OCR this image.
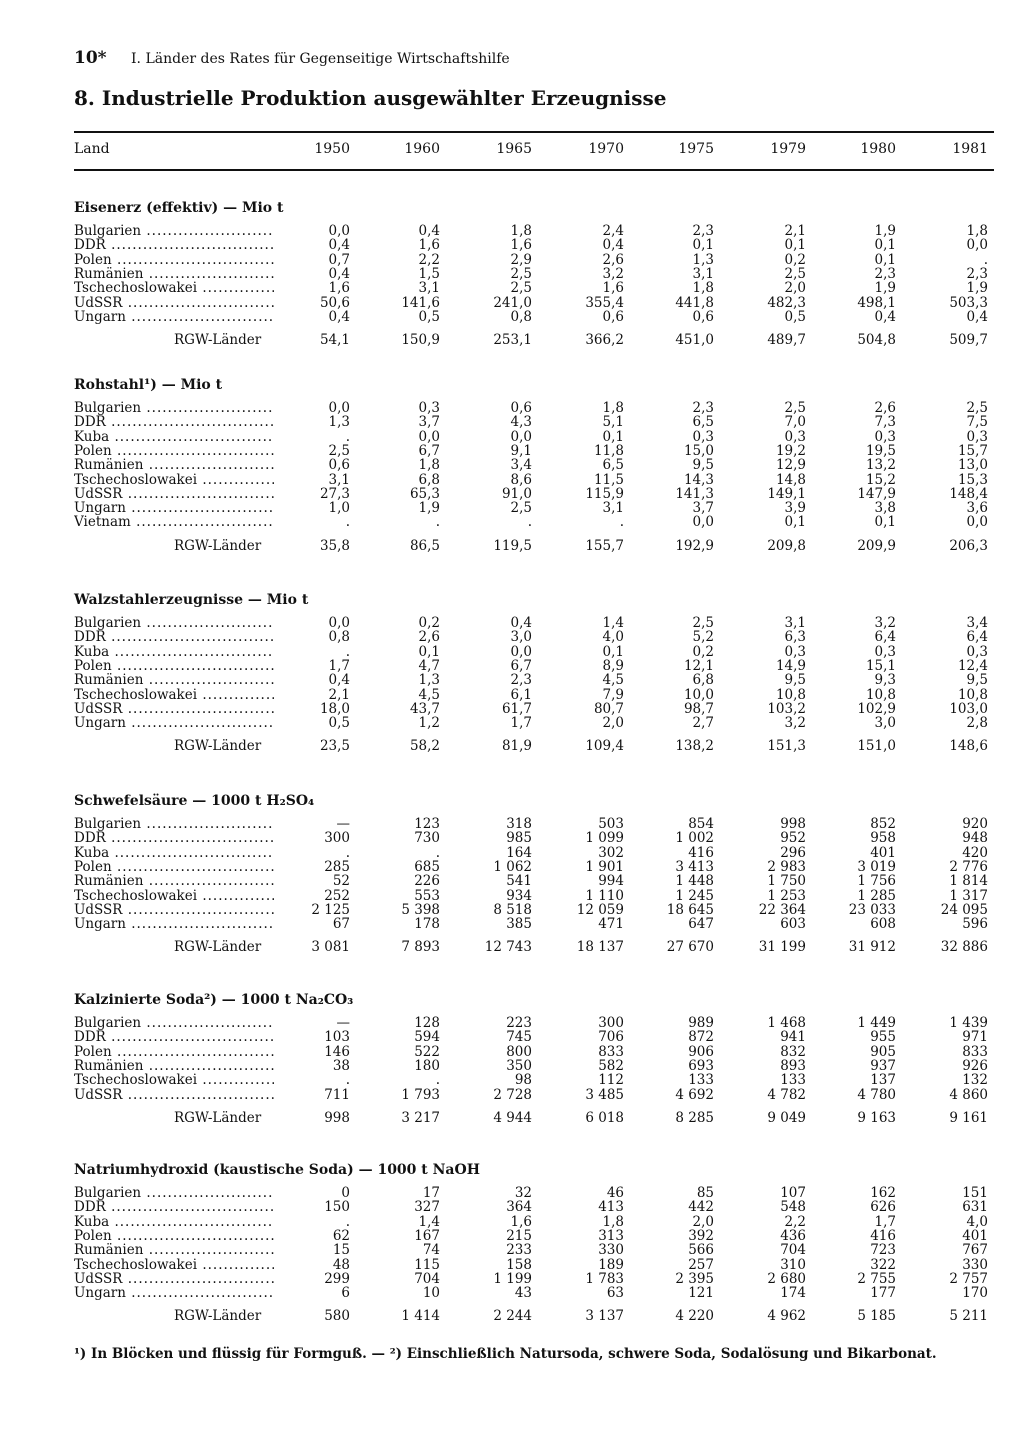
10* I. Länder des Rates für Gegenseitige Wirtschaftshilfe
8. Industrielle Produktion ausgewählter Erzeugnisse
Land	1950	1960	1965	1970	1975	1979	1980	1981
Eisenerz (effektiv) — Mio t
Bulgarien .....	0,0	0,4	1,8	2,4	2,3	2,1	1,9	1,8
DDR .....	0,4	1,6	1,6	0,4	0,1	0,1	0,1	0,0
Polen .....	0,7	2,2	2,9	2,6	1,3	0,2	0,1	.
Rumänien .....	0,4	1,5	2,5	3,2	3,1	2,5	2,3	2,3
Tschechoslowakei .....	1,6	3,1	2,5	1,6	1,8	2,0	1,9	1,9
UdSSR .....	50,6	141,6	241,0	355,4	441,8	482,3	498,1	503,3
Ungarn .....	0,4	0,5	0,8	0,6	0,6	0,5	0,4	0,4
RGW-Länder	54,1	150,9	253,1	366,2	451,0	489,7	504,8	509,7
Rohstahl¹) — Mio t
Bulgarien .....	0,0	0,3	0,6	1,8	2,3	2,5	2,6	2,5
DDR .....	1,3	3,7	4,3	5,1	6,5	7,0	7,3	7,5
Kuba .....	.	0,0	0,0	0,1	0,3	0,3	0,3	0,3
Polen .....	2,5	6,7	9,1	11,8	15,0	19,2	19,5	15,7
Rumänien .....	0,6	1,8	3,4	6,5	9,5	12,9	13,2	13,0
Tschechoslowakei .....	3,1	6,8	8,6	11,5	14,3	14,8	15,2	15,3
UdSSR .....	27,3	65,3	91,0	115,9	141,3	149,1	147,9	148,4
Ungarn .....	1,0	1,9	2,5	3,1	3,7	3,9	3,8	3,6
Vietnam .....	.	.	.	.	0,0	0,1	0,1	0,0
RGW-Länder	35,8	86,5	119,5	155,7	192,9	209,8	209,9	206,3
Walzstahlerzeugnisse — Mio t
Bulgarien .....	0,0	0,2	0,4	1,4	2,5	3,1	3,2	3,4
DDR .....	0,8	2,6	3,0	4,0	5,2	6,3	6,4	6,4
Kuba .....	.	0,1	0,0	0,1	0,2	0,3	0,3	0,3
Polen .....	1,7	4,7	6,7	8,9	12,1	14,9	15,1	12,4
Rumänien .....	0,4	1,3	2,3	4,5	6,8	9,5	9,3	9,5
Tschechoslowakei .....	2,1	4,5	6,1	7,9	10,0	10,8	10,8	10,8
UdSSR .....	18,0	43,7	61,7	80,7	98,7	103,2	102,9	103,0
Ungarn .....	0,5	1,2	1,7	2,0	2,7	3,2	3,0	2,8
RGW-Länder	23,5	58,2	81,9	109,4	138,2	151,3	151,0	148,6
Schwefelsäure — 1000 t H₂SO₄
Bulgarien .....	—	123	318	503	854	998	852	920
DDR .....	300	730	985	1 099	1 002	952	958	948
Kuba .....	.	.	164	302	416	296	401	420
Polen .....	285	685	1 062	1 901	3 413	2 983	3 019	2 776
Rumänien .....	52	226	541	994	1 448	1 750	1 756	1 814
Tschechoslowakei .....	252	553	934	1 110	1 245	1 253	1 285	1 317
UdSSR .....	2 125	5 398	8 518	12 059	18 645	22 364	23 033	24 095
Ungarn .....	67	178	385	471	647	603	608	596
RGW-Länder	3 081	7 893	12 743	18 137	27 670	31 199	31 912	32 886
Kalzinierte Soda²) — 1000 t Na₂CO₃
Bulgarien .....	—	128	223	300	989	1 468	1 449	1 439
DDR .....	103	594	745	706	872	941	955	971
Polen .....	146	522	800	833	906	832	905	833
Rumänien .....	38	180	350	582	693	893	937	926
Tschechoslowakei .....	.	.	98	112	133	133	137	132
UdSSR .....	711	1 793	2 728	3 485	4 692	4 782	4 780	4 860
RGW-Länder	998	3 217	4 944	6 018	8 285	9 049	9 163	9 161
Natriumhydroxid (kaustische Soda) — 1000 t NaOH
Bulgarien .....	0	17	32	46	85	107	162	151
DDR .....	150	327	364	413	442	548	626	631
Kuba .....	.	1,4	1,6	1,8	2,0	2,2	1,7	4,0
Polen .....	62	167	215	313	392	436	416	401
Rumänien .....	15	74	233	330	566	704	723	767
Tschechoslowakei .....	48	115	158	189	257	310	322	330
UdSSR .....	299	704	1 199	1 783	2 395	2 680	2 755	2 757
Ungarn .....	6	10	43	63	121	174	177	170
RGW-Länder	580	1 414	2 244	3 137	4 220	4 962	5 185	5 211
¹) In Blöcken und flüssig für Formguß. — ²) Einschließlich Natursoda, schwere Soda, Sodalösung und Bikarbonat.
